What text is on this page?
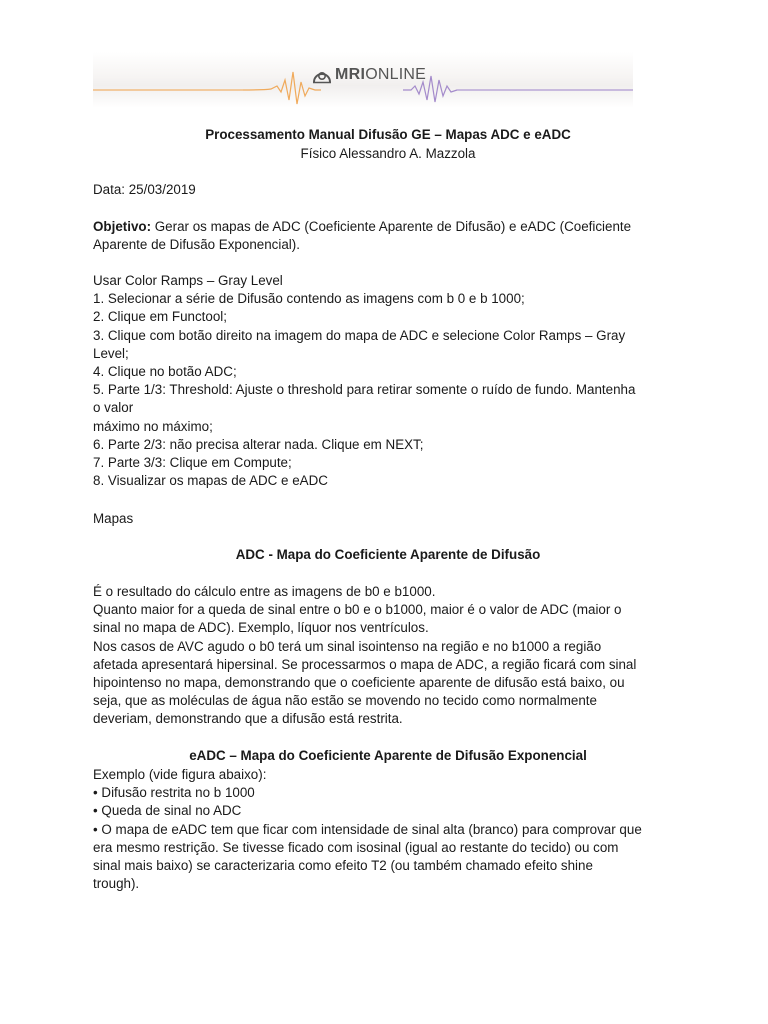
MRIONLINE
Processamento Manual Difusão GE – Mapas ADC e eADC
Físico Alessandro A. Mazzola
Data: 25/03/2019
Objetivo: Gerar os mapas de ADC (Coeficiente Aparente de Difusão) e eADC (Coeficiente
Aparente de Difusão Exponencial).
Usar Color Ramps – Gray Level
1. Selecionar a série de Difusão contendo as imagens com b 0 e b 1000;
2. Clique em Functool;
3. Clique com botão direito na imagem do mapa de ADC e selecione Color Ramps – Gray
Level;
4. Clique no botão ADC;
5. Parte 1/3: Threshold: Ajuste o threshold para retirar somente o ruído de fundo. Mantenha
o valor
máximo no máximo;
6. Parte 2/3: não precisa alterar nada. Clique em NEXT;
7. Parte 3/3: Clique em Compute;
8. Visualizar os mapas de ADC e eADC
Mapas
ADC - Mapa do Coeficiente Aparente de Difusão
É o resultado do cálculo entre as imagens de b0 e b1000.
Quanto maior for a queda de sinal entre o b0 e o b1000, maior é o valor de ADC (maior o
sinal no mapa de ADC). Exemplo, líquor nos ventrículos.
Nos casos de AVC agudo o b0 terá um sinal isointenso na região e no b1000 a região
afetada apresentará hipersinal. Se processarmos o mapa de ADC, a região ficará com sinal
hipointenso no mapa, demonstrando que o coeficiente aparente de difusão está baixo, ou
seja, que as moléculas de água não estão se movendo no tecido como normalmente
deveriam, demonstrando que a difusão está restrita.
eADC – Mapa do Coeficiente Aparente de Difusão Exponencial
Exemplo (vide figura abaixo):
• Difusão restrita no b 1000
• Queda de sinal no ADC
• O mapa de eADC tem que ficar com intensidade de sinal alta (branco) para comprovar que
era mesmo restrição. Se tivesse ficado com isosinal (igual ao restante do tecido) ou com
sinal mais baixo) se caracterizaria como efeito T2 (ou também chamado efeito shine
trough).
